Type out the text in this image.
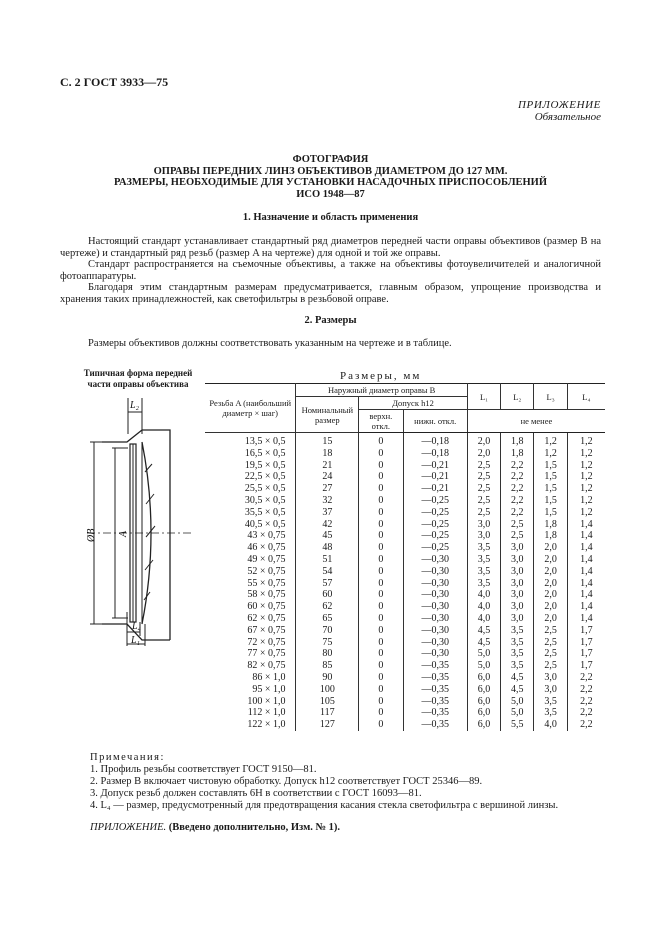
С. 2 ГОСТ 3933—75
ПРИЛОЖЕНИЕ
Обязательное
ФОТОГРАФИЯ
ОПРАВЫ ПЕРЕДНИХ ЛИНЗ ОБЪЕКТИВОВ ДИАМЕТРОМ ДО 127 ММ.
РАЗМЕРЫ, НЕОБХОДИМЫЕ ДЛЯ УСТАНОВКИ НАСАДОЧНЫХ ПРИСПОСОБЛЕНИЙ
ИСО 1948—87
1. Назначение и область применения

Настоящий стандарт устанавливает стандартный ряд диаметров передней части оправы объективов (размер B на чертеже) и стандартный ряд резьб (размер A на чертеже) для одной и той же оправы.

Стандарт распространяется на съемочные объективы, а также на объективы фотоувеличителей и аналогичной фотоаппаратуры.

Благодаря этим стандартным размерам предусматривается, главным образом, упрощение производства и хранения таких принадлежностей, как светофильтры в резьбовой оправе.

2. Размеры

Размеры объективов должны соответствовать указанным на чертеже и в таблице.

Типичная форма передней
части оправы объектива
L₂
ØB A
L₄
L₁
Размеры, мм
Резьба A (наибольший диаметр × шаг)	Наружный диаметр оправы B			L₁	L₂	L₃	L₄
	Номинальный размер	Допуск h12					
		верхн. откл.	нижн. откл.	не менее			
13,5 × 0,5	15	0	—0,18	2,0	1,8	1,2	1,2
16,5 × 0,5	18	0	—0,18	2,0	1,8	1,2	1,2
19,5 × 0,5	21	0	—0,21	2,5	2,2	1,5	1,2
22,5 × 0,5	24	0	—0,21	2,5	2,2	1,5	1,2
25,5 × 0,5	27	0	—0,21	2,5	2,2	1,5	1,2
30,5 × 0,5	32	0	—0,25	2,5	2,2	1,5	1,2
35,5 × 0,5	37	0	—0,25	2,5	2,2	1,5	1,2
40,5 × 0,5	42	0	—0,25	3,0	2,5	1,8	1,4
43 × 0,75	45	0	—0,25	3,0	2,5	1,8	1,4
46 × 0,75	48	0	—0,25	3,5	3,0	2,0	1,4
49 × 0,75	51	0	—0,30	3,5	3,0	2,0	1,4
52 × 0,75	54	0	—0,30	3,5	3,0	2,0	1,4
55 × 0,75	57	0	—0,30	3,5	3,0	2,0	1,4
58 × 0,75	60	0	—0,30	4,0	3,0	2,0	1,4
60 × 0,75	62	0	—0,30	4,0	3,0	2,0	1,4
62 × 0,75	65	0	—0,30	4,0	3,0	2,0	1,4
67 × 0,75	70	0	—0,30	4,5	3,5	2,5	1,7
72 × 0,75	75	0	—0,30	4,5	3,5	2,5	1,7
77 × 0,75	80	0	—0,30	5,0	3,5	2,5	1,7
82 × 0,75	85	0	—0,35	5,0	3,5	2,5	1,7
86 × 1,0	90	0	—0,35	6,0	4,5	3,0	2,2
95 × 1,0	100	0	—0,35	6,0	4,5	3,0	2,2
100 × 1,0	105	0	—0,35	6,0	5,0	3,5	2,2
112 × 1,0	117	0	—0,35	6,0	5,0	3,5	2,2
122 × 1,0	127	0	—0,35	6,0	5,5	4,0	2,2
Примечания:
1. Профиль резьбы соответствует ГОСТ 9150—81.
2. Размер B включает чистовую обработку. Допуск h12 соответствует ГОСТ 25346—89.
3. Допуск резьб должен составлять 6H в соответствии с ГОСТ 16093—81.
4. L₄ — размер, предусмотренный для предотвращения касания стекла светофильтра с вершиной линзы.
ПРИЛОЖЕНИЕ. (Введено дополнительно, Изм. № 1).
